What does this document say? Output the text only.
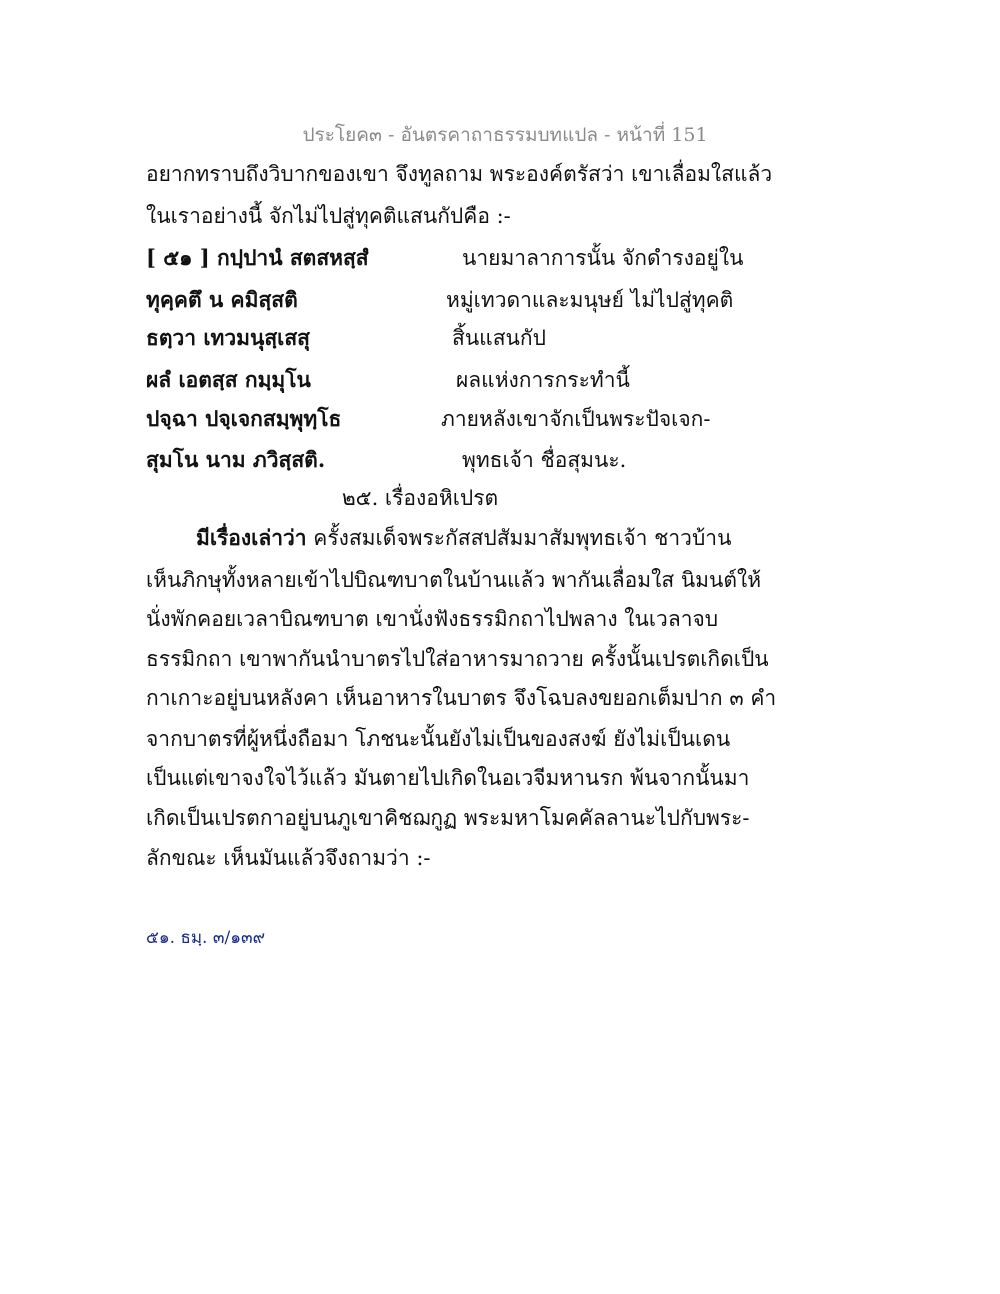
ประโยค๓ - อันตรคาถาธรรมบทแปล - หน้าที่ 151
อยากทราบถึงวิบากของเขา จึงทูลถาม พระองค์ตรัสว่า เขาเลื่อมใสแล้ว
ในเราอย่างนี้ จักไม่ไปสู่ทุคติแสนกัปคือ :-
[ ๕๑ ] กปฺปานํ สตสหสฺสํ	นายมาลาการนั้น จักดำรงอยู่ใน
ทุคฺคตึ น คมิสฺสติ	หมู่เทวดาและมนุษย์ ไม่ไปสู่ทุคติ
ธตฺวา เทวมนุสฺเสสุ	สิ้นแสนกัป
ผลํ เอตสฺส กมฺมุโน	ผลแห่งการกระทำนี้
ปจฺฉา ปจฺเจกสมฺพุทฺโธ	ภายหลังเขาจักเป็นพระปัจเจก-
สุมโน นาม ภวิสฺสติ.	พุทธเจ้า ชื่อสุมนะ.
๒๕. เรื่องอหิเปรต
มีเรื่องเล่าว่า ครั้งสมเด็จพระกัสสปสัมมาสัมพุทธเจ้า ชาวบ้าน
เห็นภิกษุทั้งหลายเข้าไปบิณฑบาตในบ้านแล้ว พากันเลื่อมใส นิมนต์ให้
นั่งพักคอยเวลาบิณฑบาต เขานั่งฟังธรรมิกถาไปพลาง ในเวลาจบ
ธรรมิกถา เขาพากันนำบาตรไปใส่อาหารมาถวาย ครั้งนั้นเปรตเกิดเป็น
กาเกาะอยู่บนหลังคา เห็นอาหารในบาตร จึงโฉบลงขยอกเต็มปาก ๓ คำ
จากบาตรที่ผู้หนึ่งถือมา โภชนะนั้นยังไม่เป็นของสงฆ์ ยังไม่เป็นเดน
เป็นแต่เขาจงใจไว้แล้ว มันตายไปเกิดในอเวจีมหานรก พ้นจากนั้นมา
เกิดเป็นเปรตกาอยู่บนภูเขาคิชฌกูฏ พระมหาโมคคัลลานะไปกับพระ-
ลักขณะ เห็นมันแล้วจึงถามว่า :-
๕๑. ธมฺ. ๓/๑๓๙
